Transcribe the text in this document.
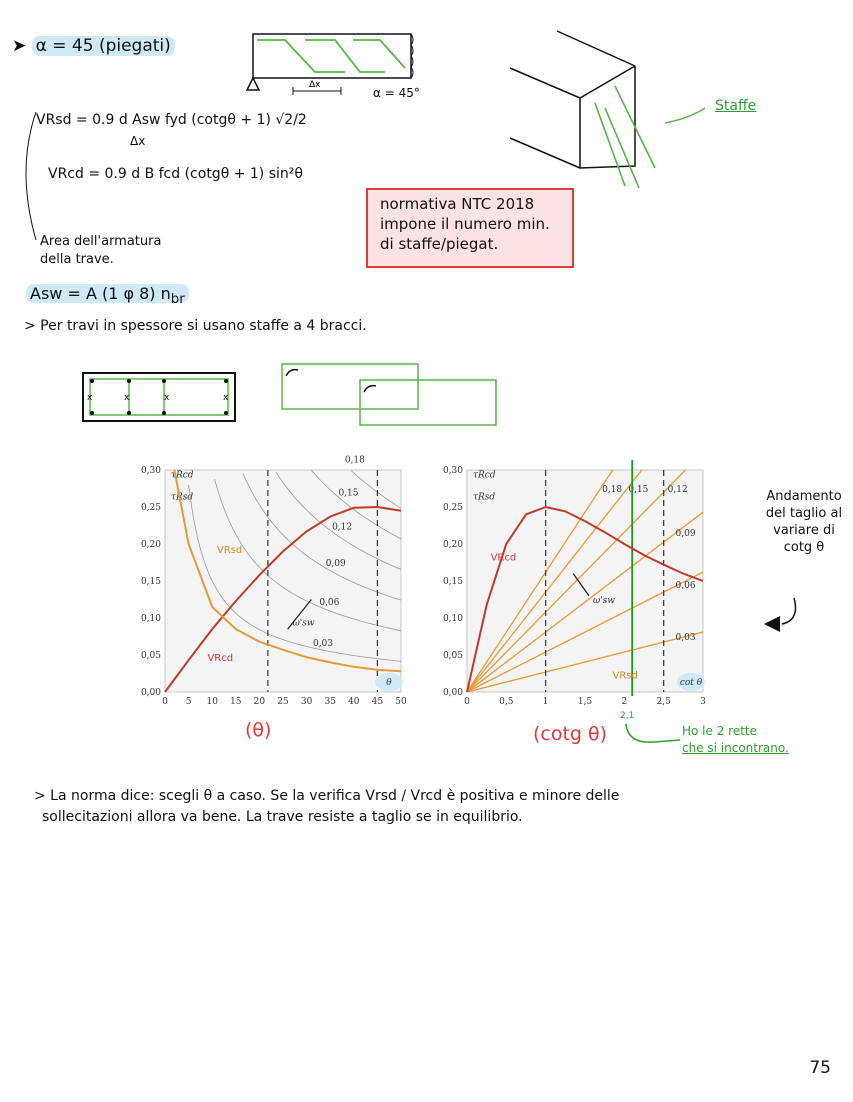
➤ α = 45 (piegati)
Δx
α = 45°
Staffe
VRsd = 0.9 d Asw fyd (cotgθ + 1) √2/2
Δx
VRcd = 0.9 d B fcd (cotgθ + 1) sin²θ
normativa NTC 2018 impone il numero min. di staffe/piegat.
Area dell'armatura
della trave.
Asw = A (1 φ 8) $n_{br}$
> Per travi in spessore si usano staffe a 4 bracci.
x	x	x	x
0 5 10 15 20 25 30 35 40 45 50
0,00
0,05
0,10
0,15
0,20
0,25
0,30 τRcd
τRsd
0,03
0,06
0,09
0,12
0,15
0,18
VRcd
VRsd
ω'sw
θ
0	0,5	1	1,5	2	2,5	3
0,00
0,05
0,10
0,15
0,20
0,25
0,30 τRcd
τRsd
0,03
0,06
0,09
0,12
0,15
0,18
VRcd
VRsd
ω'sw
cot θ
Andamento del taglio al variare di cotg θ
(θ)	(cotg θ)
2,1
Ho le 2 rette
che si incontrano.
> La norma dice: scegli θ a caso. Se la verifica Vrsd / Vrcd è positiva e minore delle
sollecitazioni allora va bene. La trave resiste a taglio se in equilibrio.
75
